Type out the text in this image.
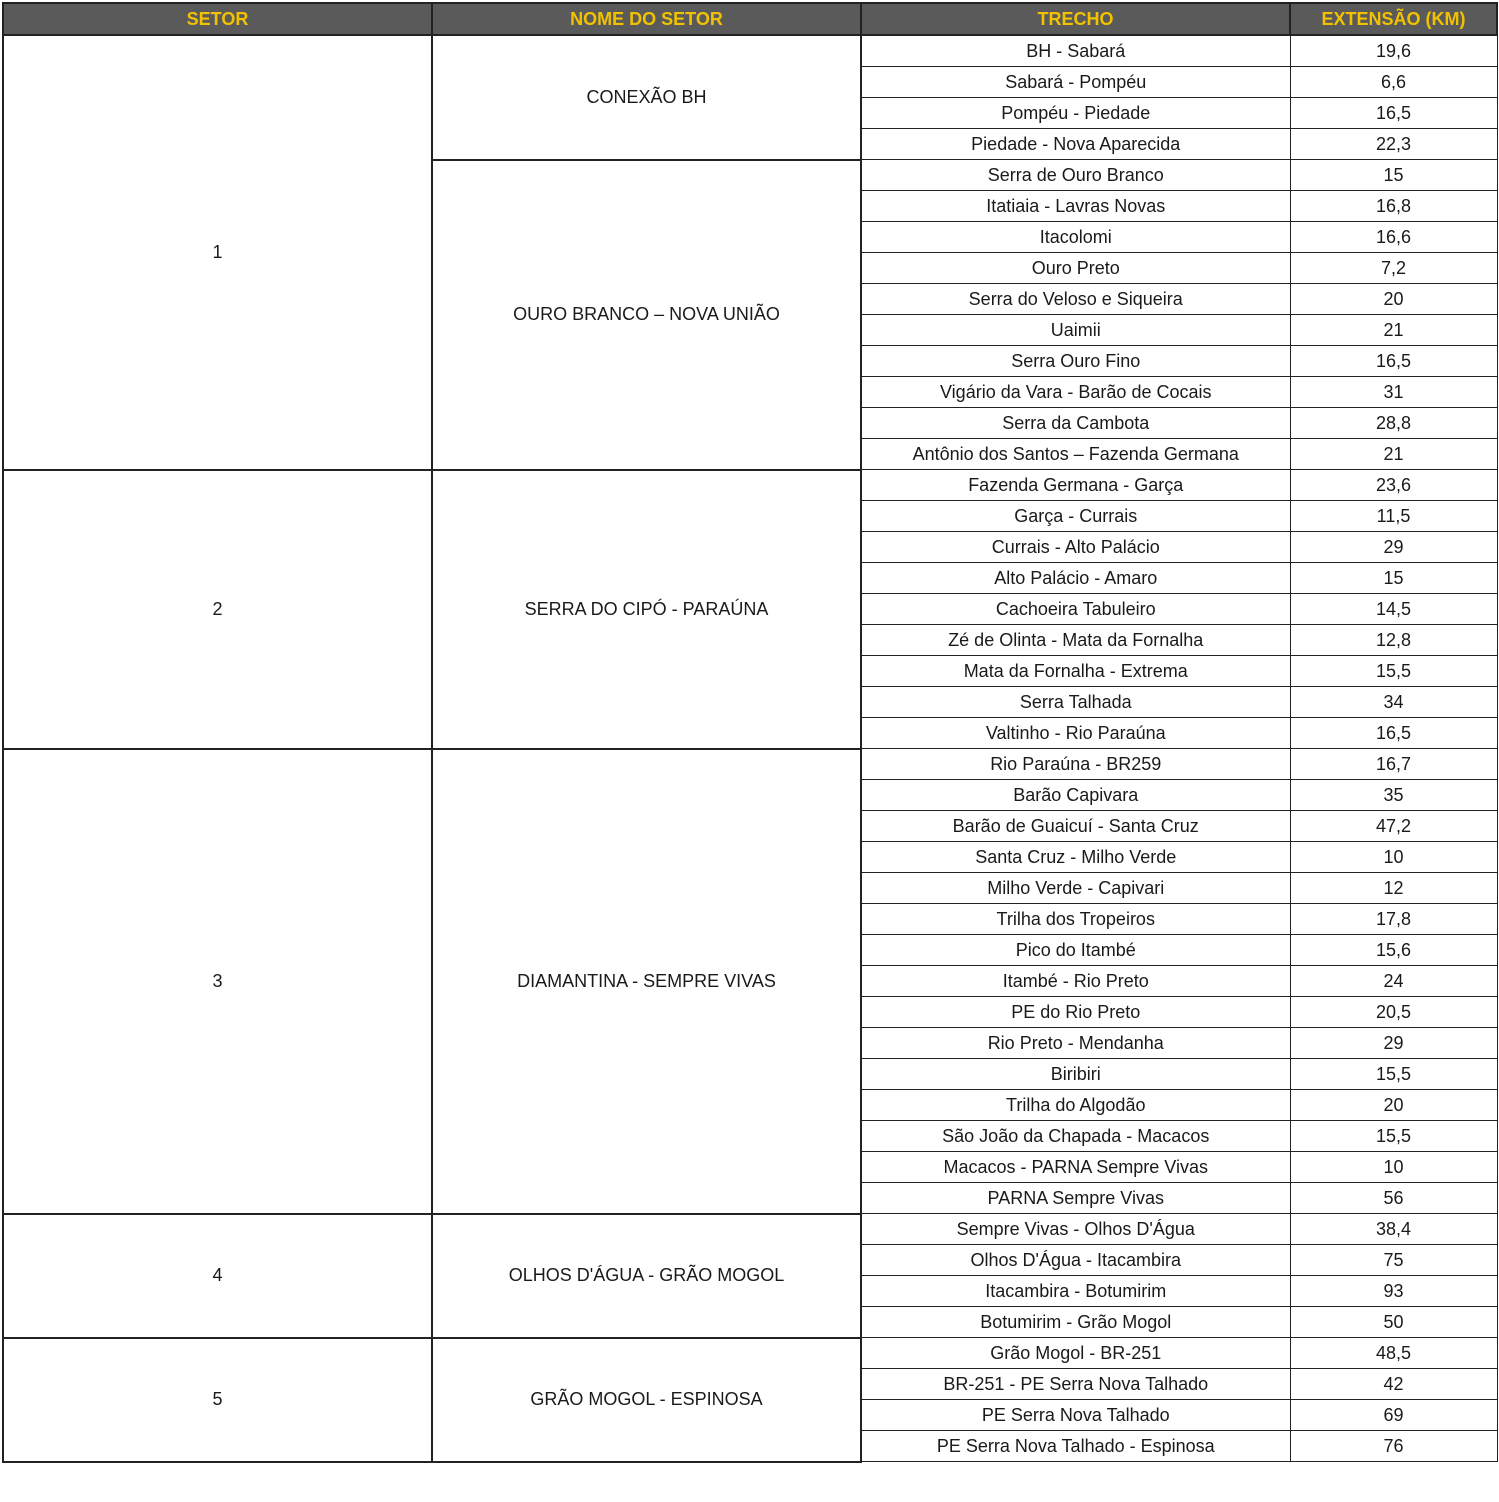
SETOR	NOME DO SETOR	TRECHO	EXTENSÃO (KM)
1	CONEXÃO BH	BH - Sabará	19,6
		Sabará - Pompéu	6,6
		Pompéu - Piedade	16,5
		Piedade - Nova Aparecida	22,3
	OURO BRANCO – NOVA UNIÃO	Serra de Ouro Branco	15
		Itatiaia - Lavras Novas	16,8
		Itacolomi	16,6
		Ouro Preto	7,2
		Serra do Veloso e Siqueira	20
		Uaimii	21
		Serra Ouro Fino	16,5
		Vigário da Vara - Barão de Cocais	31
		Serra da Cambota	28,8
		Antônio dos Santos – Fazenda Germana	21
2	SERRA DO CIPÓ - PARAÚNA	Fazenda Germana - Garça	23,6
		Garça - Currais	11,5
		Currais - Alto Palácio	29
		Alto Palácio - Amaro	15
		Cachoeira Tabuleiro	14,5
		Zé de Olinta - Mata da Fornalha	12,8
		Mata da Fornalha - Extrema	15,5
		Serra Talhada	34
		Valtinho - Rio Paraúna	16,5
3	DIAMANTINA - SEMPRE VIVAS	Rio Paraúna - BR259	16,7
		Barão Capivara	35
		Barão de Guaicuí - Santa Cruz	47,2
		Santa Cruz - Milho Verde	10
		Milho Verde - Capivari	12
		Trilha dos Tropeiros	17,8
		Pico do Itambé	15,6
		Itambé - Rio Preto	24
		PE do Rio Preto	20,5
		Rio Preto - Mendanha	29
		Biribiri	15,5
		Trilha do Algodão	20
		São João da Chapada - Macacos	15,5
		Macacos - PARNA Sempre Vivas	10
		PARNA Sempre Vivas	56
4	OLHOS D'ÁGUA - GRÃO MOGOL	Sempre Vivas - Olhos D'Água	38,4
		Olhos D'Água - Itacambira	75
		Itacambira - Botumirim	93
		Botumirim - Grão Mogol	50
5	GRÃO MOGOL - ESPINOSA	Grão Mogol - BR-251	48,5
		BR-251 - PE Serra Nova Talhado	42
		PE Serra Nova Talhado	69
		PE Serra Nova Talhado - Espinosa	76
